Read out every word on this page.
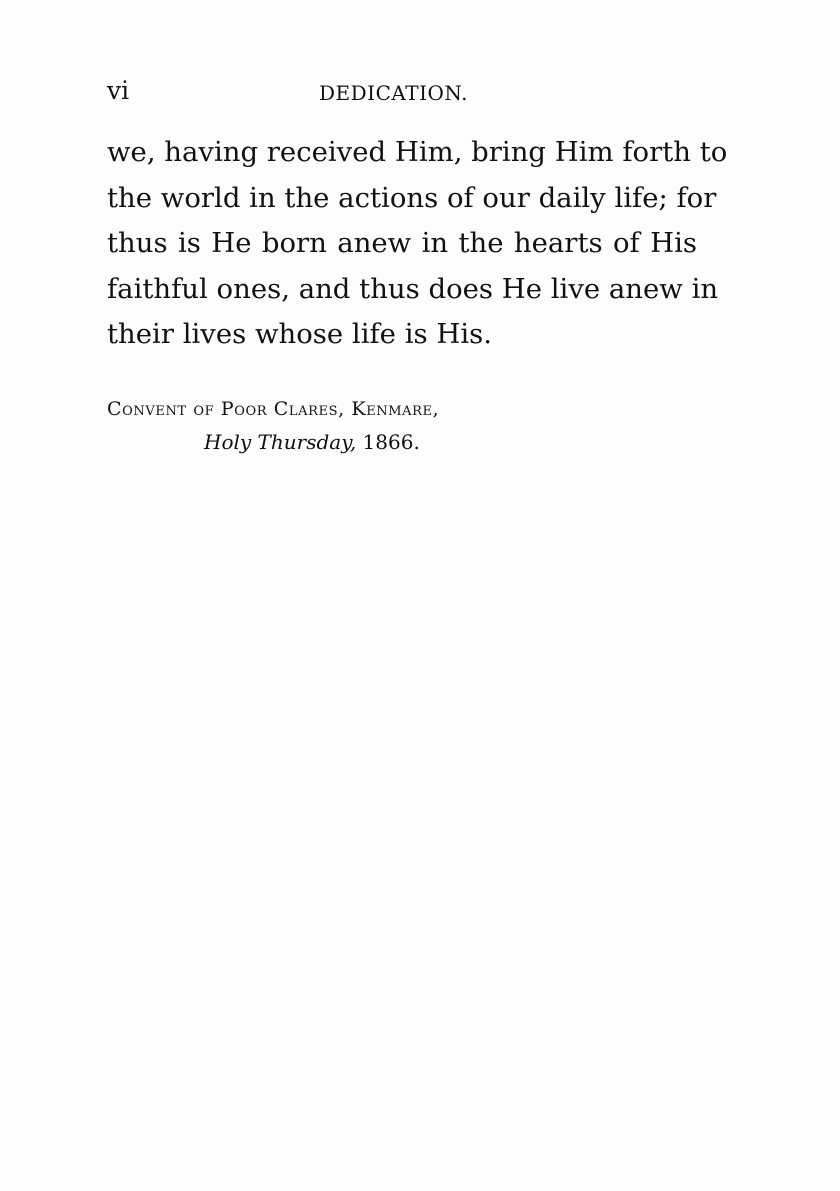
vi	DEDICATION.

we, having received Him, bring Him forth to
the world in the actions of our daily life; for
thus is He born anew in the hearts of His
faithful ones, and thus does He live anew in
their lives whose life is His.

Convent of Poor Clares, Kenmare,
Holy Thursday, 1866.
